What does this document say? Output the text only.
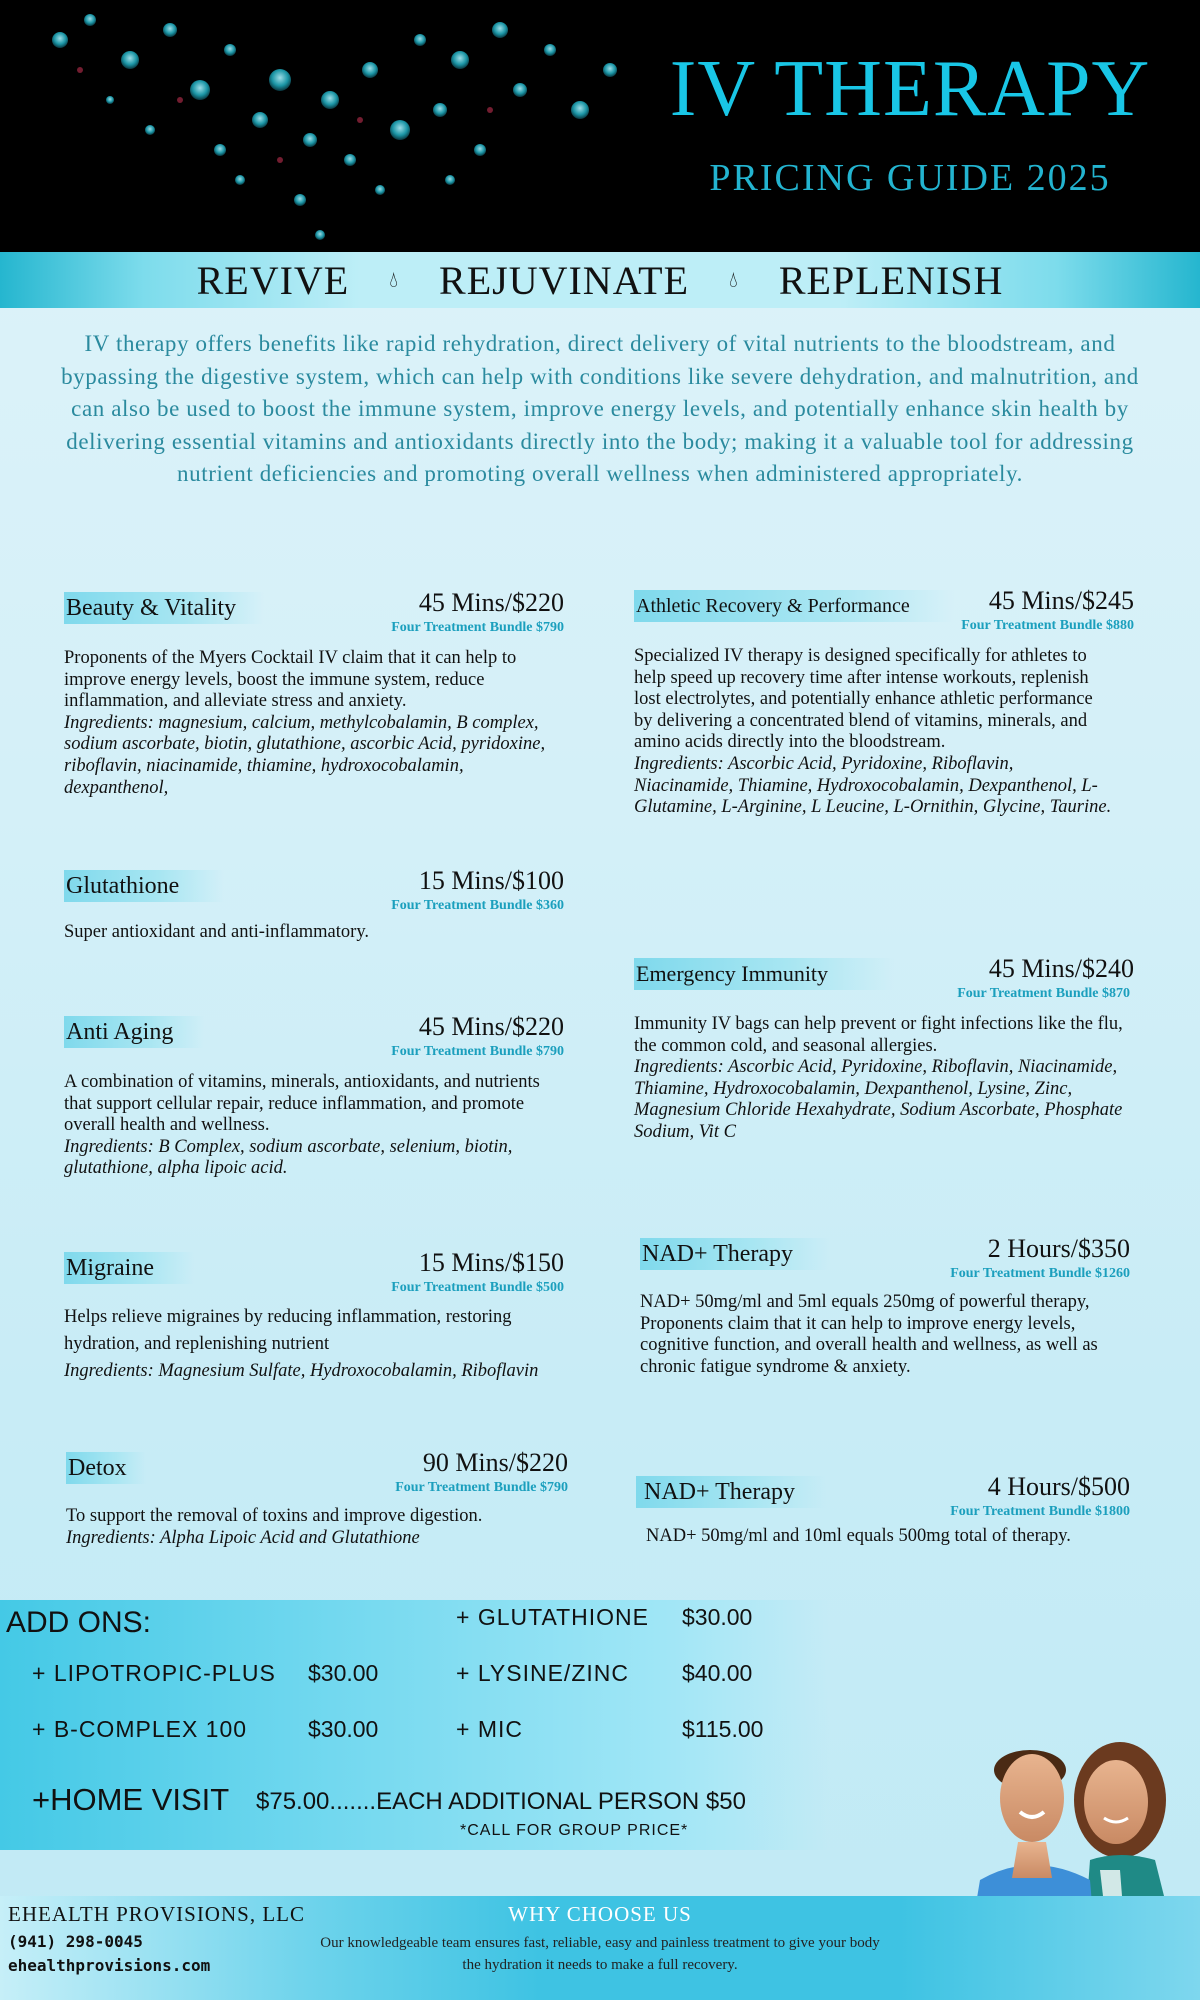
IV THERAPY
PRICING GUIDE 2025
REVIVE	💧︎	REJUVINATE	💧︎	REPLENISH

IV therapy offers benefits like rapid rehydration, direct delivery of vital nutrients to the bloodstream, and bypassing the digestive system, which can help with conditions like severe dehydration, and malnutrition, and can also be used to boost the immune system, improve energy levels, and potentially enhance skin health by delivering essential vitamins and antioxidants directly into the body; making it a valuable tool for addressing nutrient deficiencies and promoting overall wellness when administered appropriately.

Beauty & Vitality	45 Mins/$220
Four Treatment Bundle $790
Proponents of the Myers Cocktail IV claim that it can help to improve energy levels, boost the immune system, reduce inflammation, and alleviate stress and anxiety.
Ingredients: magnesium, calcium, methylcobalamin, B complex, sodium ascorbate, biotin, glutathione, ascorbic Acid, pyridoxine, riboflavin, niacinamide, thiamine, hydroxocobalamin, dexpanthenol,
Glutathione	15 Mins/$100
Four Treatment Bundle $360
Super antioxidant and anti-inflammatory.
Anti Aging	45 Mins/$220
Four Treatment Bundle $790
A combination of vitamins, minerals, antioxidants, and nutrients that support cellular repair, reduce inflammation, and promote overall health and wellness.
Ingredients: B Complex, sodium ascorbate, selenium, biotin, glutathione, alpha lipoic acid.
Migraine	15 Mins/$150
Four Treatment Bundle $500
Helps relieve migraines by reducing inflammation, restoring hydration, and replenishing nutrient
Ingredients: Magnesium Sulfate, Hydroxocobalamin, Riboflavin
Detox	90 Mins/$220
Four Treatment Bundle $790
To support the removal of toxins and improve digestion.
Ingredients: Alpha Lipoic Acid and Glutathione
Athletic Recovery & Performance	45 Mins/$245
Four Treatment Bundle $880
Specialized IV therapy is designed specifically for athletes to help speed up recovery time after intense workouts, replenish lost electrolytes, and potentially enhance athletic performance by delivering a concentrated blend of vitamins, minerals, and amino acids directly into the bloodstream.
Ingredients: Ascorbic Acid, Pyridoxine, Riboflavin, Niacinamide, Thiamine, Hydroxocobalamin, Dexpanthenol, L-Glutamine, L-Arginine, L Leucine, L-Ornithin, Glycine, Taurine.
Emergency Immunity	45 Mins/$240
Four Treatment Bundle $870
Immunity IV bags can help prevent or fight infections like the flu, the common cold, and seasonal allergies.
Ingredients: Ascorbic Acid, Pyridoxine, Riboflavin, Niacinamide, Thiamine, Hydroxocobalamin, Dexpanthenol, Lysine, Zinc, Magnesium Chloride Hexahydrate, Sodium Ascorbate, Phosphate Sodium, Vit C
NAD+ Therapy	2 Hours/$350
Four Treatment Bundle $1260
NAD+ 50mg/ml and 5ml equals 250mg of powerful therapy, Proponents claim that it can help to improve energy levels, cognitive function, and overall health and wellness, as well as chronic fatigue syndrome & anxiety.
NAD+ Therapy	4 Hours/$500
Four Treatment Bundle $1800
NAD+ 50mg/ml and 10ml equals 500mg total of therapy.
ADD ONS:	+ GLUTATHIONE $30.00
+ LIPOTROPIC-PLUS $30.00	+ LYSINE/ZINC $40.00
+ B-COMPLEX 100	$30.00	+ MIC	$115.00
+HOME VISIT $75.00.......EACH ADDITIONAL PERSON $50
*CALL FOR GROUP PRICE*
EHEALTH PROVISIONS, LLC
(941) 298-0045
ehealthprovisions.com
WHY CHOOSE US
Our knowledgeable team ensures fast, reliable, easy and painless treatment to give your body the hydration it needs to make a full recovery.
